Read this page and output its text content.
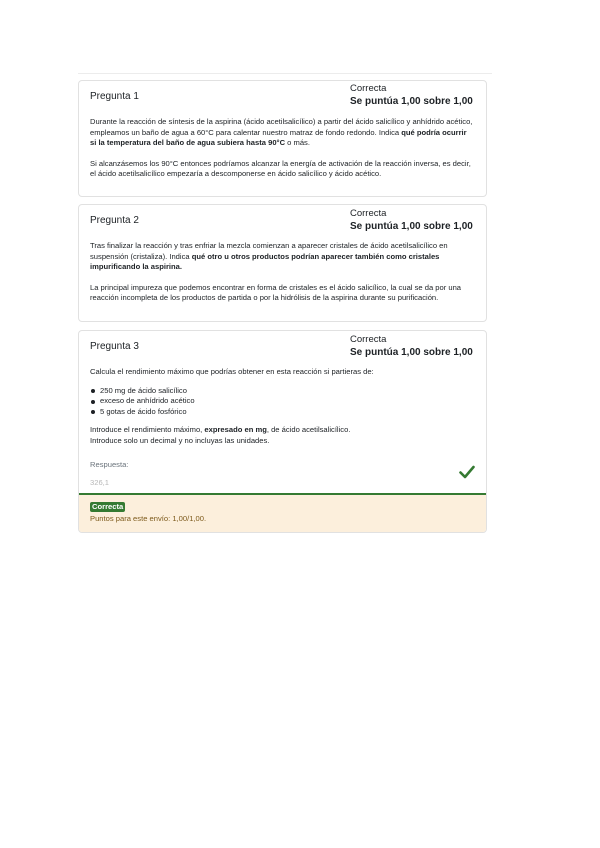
Pregunta 1
Correcta
Se puntúa 1,00 sobre 1,00

Durante la reacción de síntesis de la aspirina (ácido acetilsalicílico) a partir del ácido salicílico y anhídrido acético, empleamos un baño de agua a 60°C para calentar nuestro matraz de fondo redondo. Indica qué podría ocurrir si la temperatura del baño de agua subiera hasta 90°C o más.

Si alcanzásemos los 90°C entonces podríamos alcanzar la energía de activación de la reacción inversa, es decir, el ácido acetilsalicílico empezaría a descomponerse en ácido salicílico y ácido acético.

Pregunta 2
Correcta
Se puntúa 1,00 sobre 1,00

Tras finalizar la reacción y tras enfriar la mezcla comienzan a aparecer cristales de ácido acetilsalicílico en suspensión (cristaliza). Indica qué otro u otros productos podrían aparecer también como cristales impurificando la aspirina.

La principal impureza que podemos encontrar en forma de cristales es el ácido salicílico, la cual se da por una reacción incompleta de los productos de partida o por la hidrólisis de la aspirina durante su purificación.

Pregunta 3
Correcta
Se puntúa 1,00 sobre 1,00

Calcula el rendimiento máximo que podrías obtener en esta reacción si partieras de:

250 mg de ácido salicílico
exceso de anhídrido acético
5 gotas de ácido fosfórico

Introduce el rendimiento máximo, expresado en mg, de ácido acetilsalicílico.

Introduce solo un decimal y no incluyas las unidades.

Respuesta:
326,1
Correcta
Puntos para este envío: 1,00/1,00.
